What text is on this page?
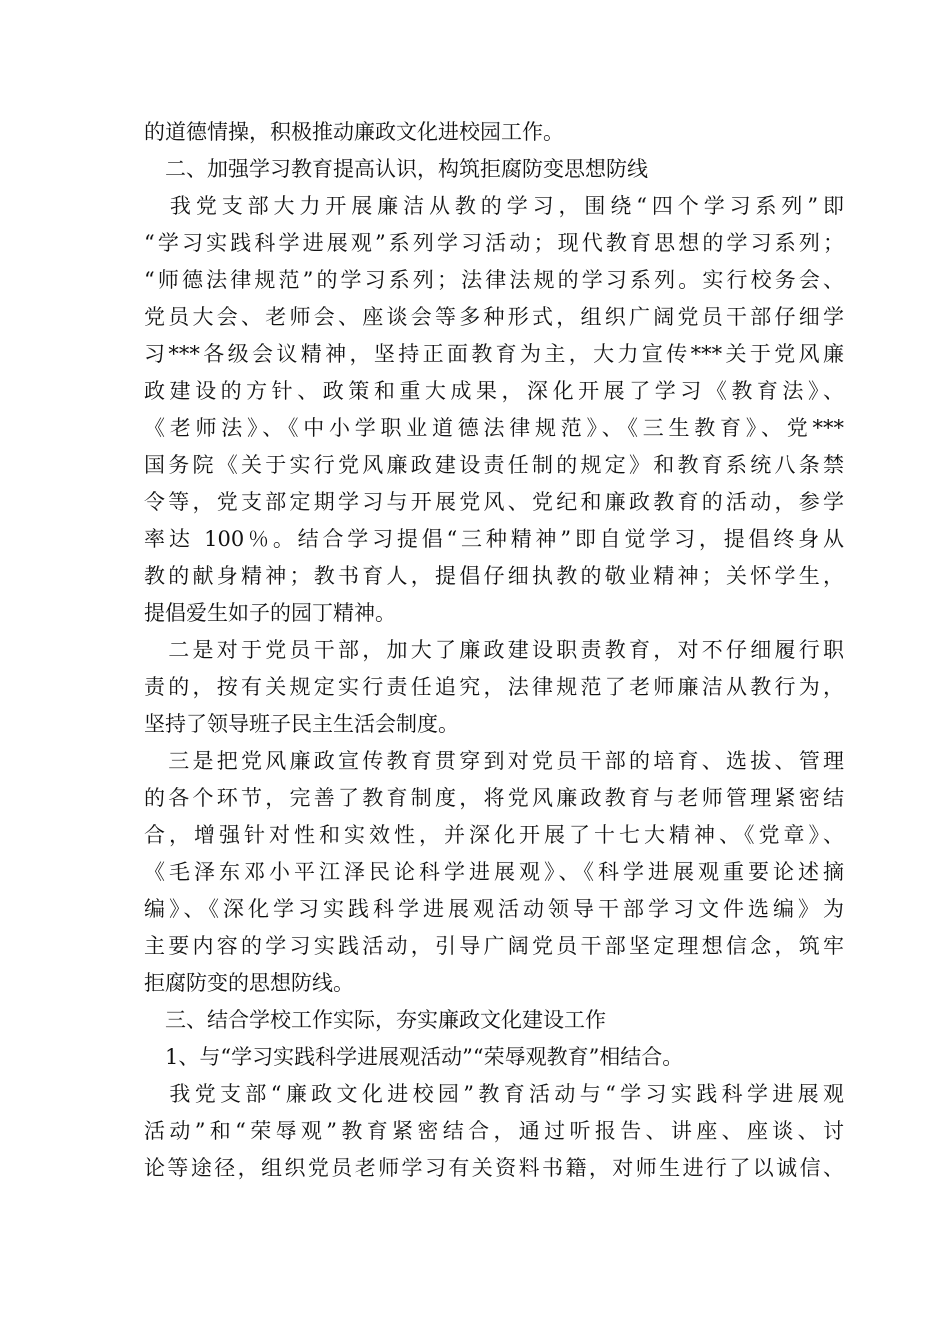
的道德情操，积极推动廉政文化进校园工作。
　二、加强学习教育提高认识，构筑拒腐防变思想防线
　我党支部大力开展廉洁从教的学习，围绕“四个学习系列”即
“学习实践科学进展观”系列学习活动；现代教育思想的学习系列；
“师德法律规范”的学习系列；法律法规的学习系列。实行校务会、
党员大会、老师会、座谈会等多种形式，组织广阔党员干部仔细学
习***各级会议精神，坚持正面教育为主，大力宣传***关于党风廉
政建设的方针、政策和重大成果，深化开展了学习《教育法》、
《老师法》、《中小学职业道德法律规范》、《三生教育》、党***
国务院《关于实行党风廉政建设责任制的规定》和教育系统八条禁
令等，党支部定期学习与开展党风、党纪和廉政教育的活动，参学
率达 100％。结合学习提倡“三种精神”即自觉学习，提倡终身从
教的献身精神；教书育人，提倡仔细执教的敬业精神；关怀学生，
提倡爱生如子的园丁精神。
　二是对于党员干部，加大了廉政建设职责教育，对不仔细履行职
责的，按有关规定实行责任追究，法律规范了老师廉洁从教行为，
坚持了领导班子民主生活会制度。
　三是把党风廉政宣传教育贯穿到对党员干部的培育、选拔、管理
的各个环节，完善了教育制度，将党风廉政教育与老师管理紧密结
合，增强针对性和实效性，并深化开展了十七大精神、《党章》、
《毛泽东邓小平江泽民论科学进展观》、《科学进展观重要论述摘
编》、《深化学习实践科学进展观活动领导干部学习文件选编》为
主要内容的学习实践活动，引导广阔党员干部坚定理想信念，筑牢
拒腐防变的思想防线。
　三、结合学校工作实际，夯实廉政文化建设工作
　1、与“学习实践科学进展观活动”“荣辱观教育”相结合。
　我党支部“廉政文化进校园”教育活动与“学习实践科学进展观
活动”和“荣辱观”教育紧密结合，通过听报告、讲座、座谈、讨
论等途径，组织党员老师学习有关资料书籍，对师生进行了以诚信、
